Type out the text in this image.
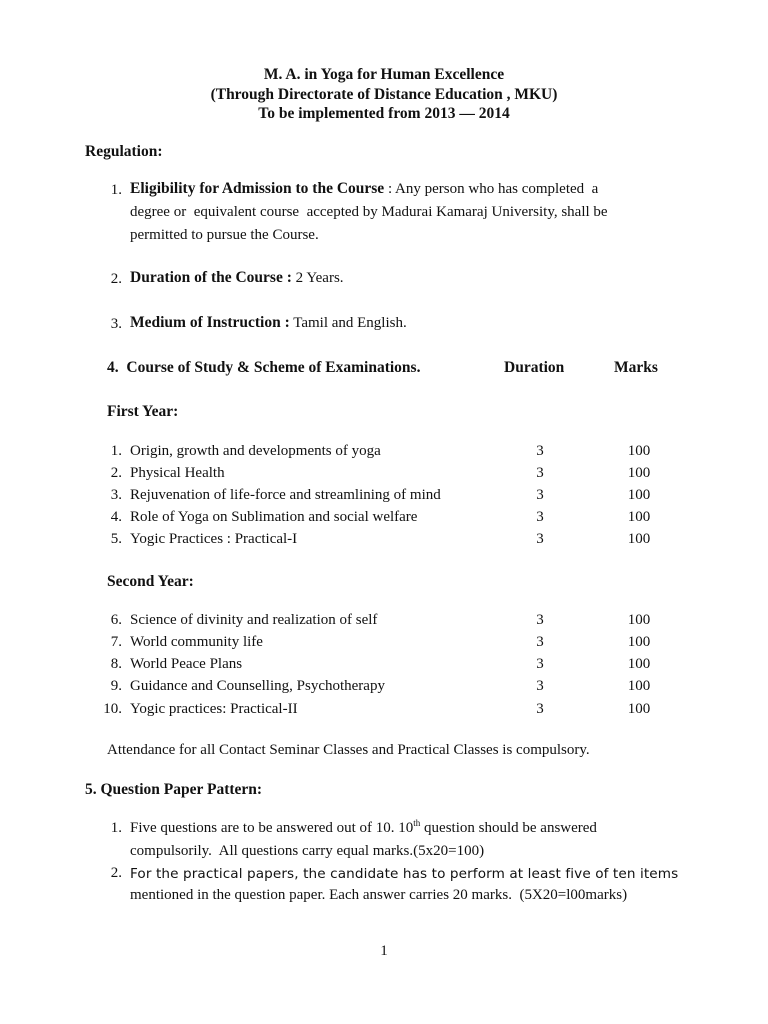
M. A. in Yoga for Human Excellence
(Through Directorate of Distance Education , MKU)
To be implemented from 2013 — 2014
Regulation:
1. Eligibility for Admission to the Course : Any person who has completed  a
degree or  equivalent course  accepted by Madurai Kamaraj University, shall be
permitted to pursue the Course.
2. Duration of the Course : 2 Years.
3. Medium of Instruction : Tamil and English.
4.  Course of Study & Scheme of Examinations.	Duration	Marks
First Year:
1. Origin, growth and developments of yoga	3	100
2. Physical Health	3	100
3. Rejuvenation of life-force and streamlining of mind	3	100
4. Role of Yoga on Sublimation and social welfare	3	100
5. Yogic Practices : Practical-I	3	100
Second Year:
6. Science of divinity and realization of self	3	100
7. World community life	3	100
8. World Peace Plans	3	100
9. Guidance and Counselling, Psychotherapy	3	100
10. Yogic practices: Practical-II	3	100
Attendance for all Contact Seminar Classes and Practical Classes is compulsory.
5. Question Paper Pattern:
1. Five questions are to be answered out of 10. 10th question should be answered
compulsorily.  All questions carry equal marks.(5x20=100)
2. For the practical papers, the candidate has to perform at least five of ten items
mentioned in the question paper. Each answer carries 20 marks.  (5X20=l00marks)
1
